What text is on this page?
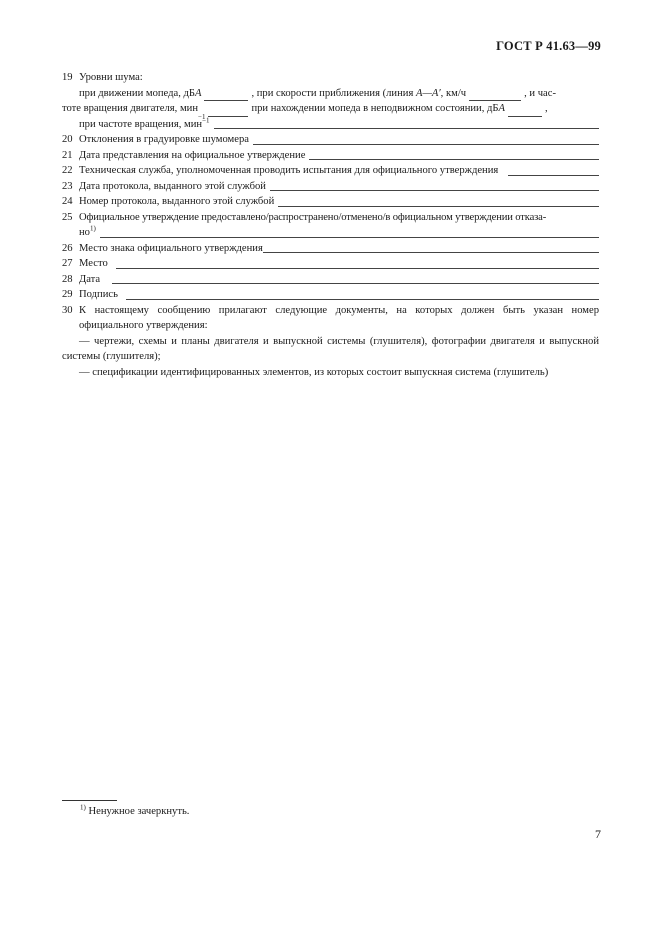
ГОСТ Р 41.63—99
19 Уровни шума:
при движении мопеда, дБ A	, при скорости приближения (линия
A—A′ , км/ч	, и час-
тоте вращения двигателя, мин
−1
при нахождении мопеда в неподвижном состоянии, дБ A	,
при частоте вращения, мин$^{-1}$
20 Отклонения в градуировке шумомера
21 Дата представления на официальное утверждение
22 Техническая служба, уполномоченная проводить испытания для официального утверждения
23 Дата протокола, выданного этой службой
24 Номер протокола, выданного этой службой
25 Официальное утверждение предоставлено/распространено/отменено/в официальном утверждении отказа-
$но^{1)}$
26 Место знака официального утверждения
27 Место
28 Дата
29 Подпись
30 К настоящему сообщению прилагают следующие документы, на которых должен быть указан номер официального утверждения:
— чертежи, схемы и планы двигателя и выпускной системы (глушителя), фотографии двигателя и выпускной системы (глушителя);
— спецификации идентифицированных элементов, из которых состоит выпускная система (глушитель)
$^{1)}$ Ненужное зачеркнуть.
7
